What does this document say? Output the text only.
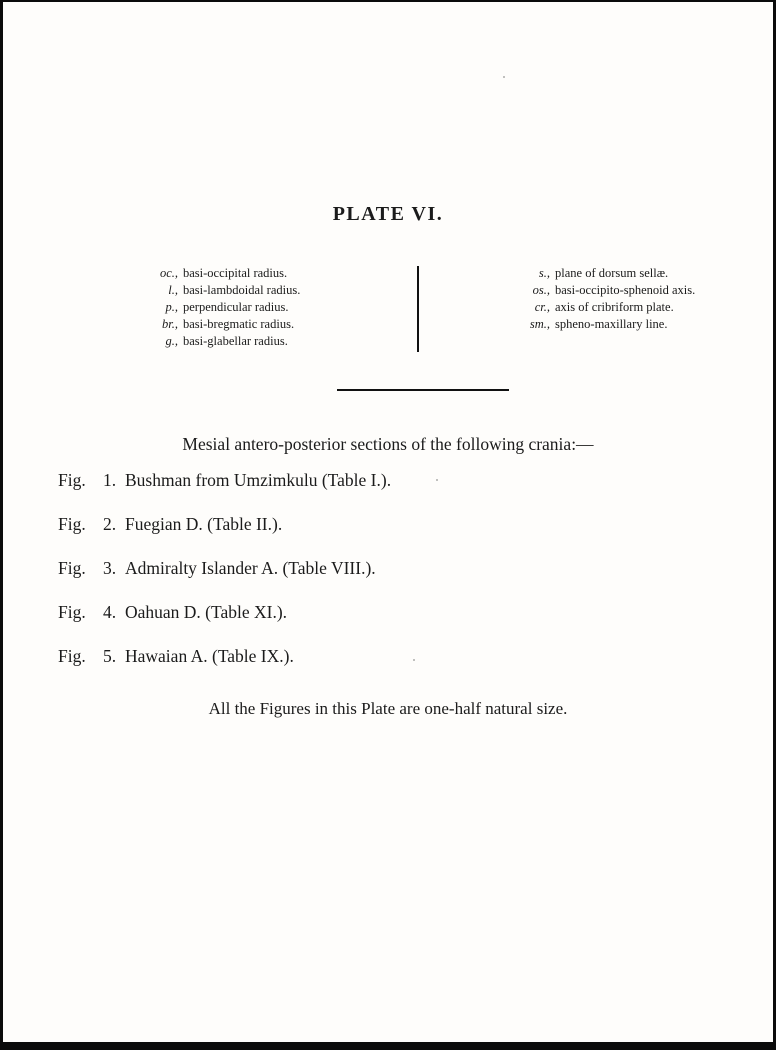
PLATE VI.
oc., basi-occipital radius.
l., basi-lambdoidal radius.
p., perpendicular radius.
br., basi-bregmatic radius.
g., basi-glabellar radius.
s., plane of dorsum sellæ.
os., basi-occipito-sphenoid axis.
cr., axis of cribriform plate.
sm., spheno-maxillary line.
Mesial antero-posterior sections of the following crania:—
Fig. 1. Bushman from Umzimkulu (Table I.).
Fig. 2. Fuegian D. (Table II.).
Fig. 3. Admiralty Islander A. (Table VIII.).
Fig. 4. Oahuan D. (Table XI.).
Fig. 5. Hawaian A. (Table IX.).
All the Figures in this Plate are one-half natural size.
